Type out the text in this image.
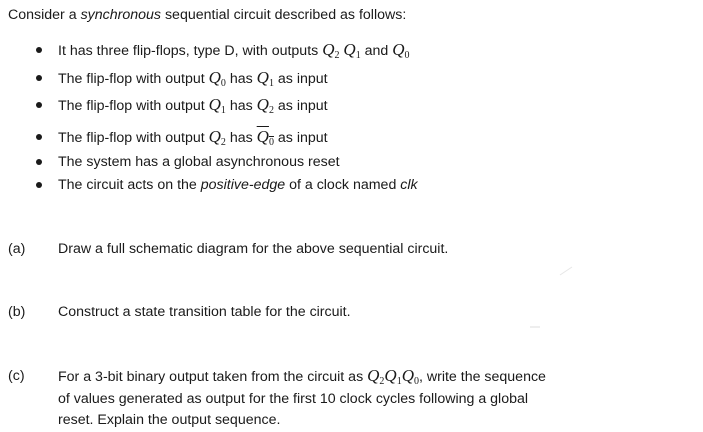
Consider a synchronous sequential circuit described as follows:
It has three flip-flops, type D, with outputs $Q_2$ $Q_1$ and $Q_0$
The flip-flop with output $Q_0$ has $Q_1$ as input
The flip-flop with output $Q_1$ has $Q_2$ as input
The flip-flop with output $Q_2$ has $Q_0$ as input
The system has a global asynchronous reset
The circuit acts on the positive-edge of a clock named clk
(a) Draw a full schematic diagram for the above sequential circuit.
(b) Construct a state transition table for the circuit.
(c) For a 3-bit binary output taken from the circuit as $Q_2Q_1Q_0$, write the sequence
of values generated as output for the first 10 clock cycles following a global
reset. Explain the output sequence.
